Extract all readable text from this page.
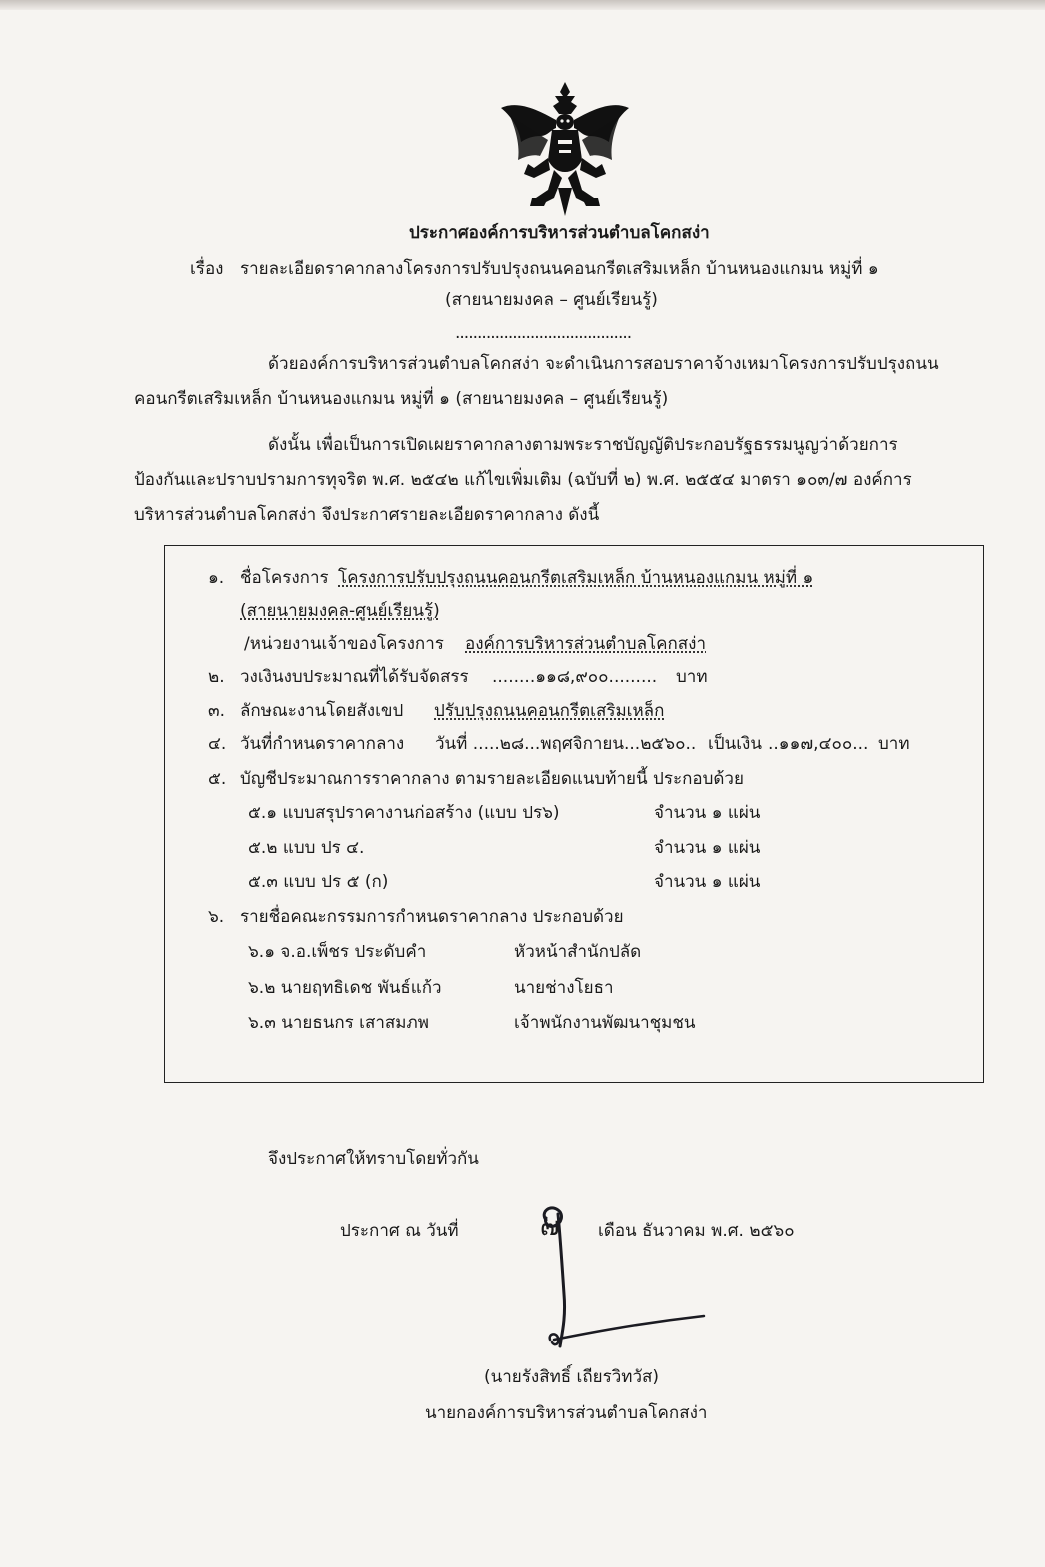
ประกาศองค์การบริหารส่วนตำบลโคกสง่า
เรื่อง รายละเอียดราคากลางโครงการปรับปรุงถนนคอนกรีตเสริมเหล็ก บ้านหนองแกมน หมู่ที่ ๑
(สายนายมงคล – ศูนย์เรียนรู้)
........................................
ด้วยองค์การบริหารส่วนตำบลโคกสง่า จะดำเนินการสอบราคาจ้างเหมาโครงการปรับปรุงถนน
คอนกรีตเสริมเหล็ก บ้านหนองแกมน หมู่ที่ ๑ (สายนายมงคล – ศูนย์เรียนรู้)
ดังนั้น เพื่อเป็นการเปิดเผยราคากลางตามพระราชบัญญัติประกอบรัฐธรรมนูญว่าด้วยการ
ป้องกันและปราบปรามการทุจริต พ.ศ. ๒๕๔๒ แก้ไขเพิ่มเติม (ฉบับที่ ๒) พ.ศ. ๒๕๕๔ มาตรา ๑๐๓/๗ องค์การ
บริหารส่วนตำบลโคกสง่า จึงประกาศรายละเอียดราคากลาง ดังนี้
๑. ชื่อโครงการ โครงการปรับปรุงถนนคอนกรีตเสริมเหล็ก บ้านหนองแกมน หมู่ที่ ๑
(สายนายมงคล-ศูนย์เรียนรู้)
/หน่วยงานเจ้าของโครงการ องค์การบริหารส่วนตำบลโคกสง่า
๒. วงเงินงบประมาณที่ได้รับจัดสรร ........๑๑๘,๙๐๐......... บาท
๓. ลักษณะงานโดยสังเขป ปรับปรุงถนนคอนกรีตเสริมเหล็ก
๔. วันที่กำหนดราคากลาง วันที่ .....๒๘...พฤศจิกายน...๒๕๖๐.. เป็นเงิน ..๑๑๗,๔๐๐... บาท
๕. บัญชีประมาณการราคากลาง ตามรายละเอียดแนบท้ายนี้ ประกอบด้วย
๕.๑ แบบสรุปราคางานก่อสร้าง (แบบ ปร๖)	จำนวน ๑ แผ่น
๕.๒ แบบ ปร ๔.	จำนวน ๑ แผ่น
๕.๓ แบบ ปร ๕ (ก)	จำนวน ๑ แผ่น
๖. รายชื่อคณะกรรมการกำหนดราคากลาง ประกอบด้วย
๖.๑ จ.อ.เพ็ชร ประดับคำ	หัวหน้าสำนักปลัด
๖.๒ นายฤทธิเดช พันธ์แก้ว	นายช่างโยธา
๖.๓ นายธนกร เสาสมภพ	เจ้าพนักงานพัฒนาชุมชน
จึงประกาศให้ทราบโดยทั่วกัน
ประกาศ ณ วันที่	๗ เดือน ธันวาคม พ.ศ. ๒๕๖๐
(นายรังสิทธิ์ เถียรวิทวัส)
นายกองค์การบริหารส่วนตำบลโคกสง่า
